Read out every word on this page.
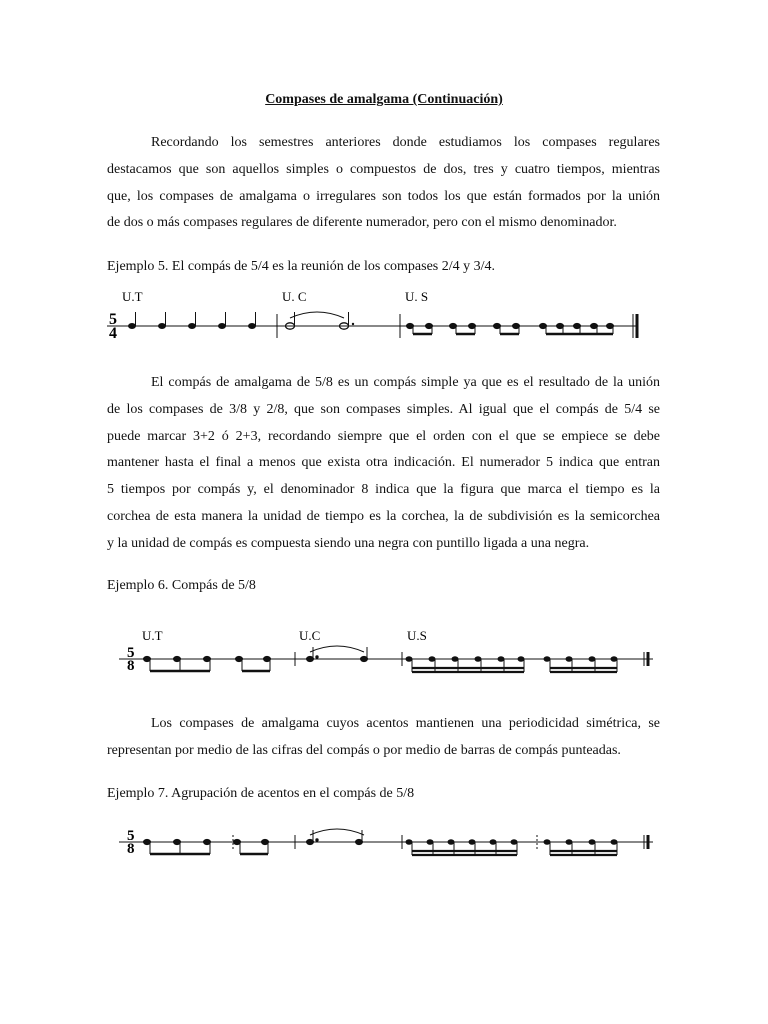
Compases de amalgama (Continuación)
Recordando los semestres anteriores donde estudiamos los compases regulares
destacamos que son aquellos simples o compuestos de dos, tres y cuatro tiempos, mientras
que, los compases de amalgama o irregulares son todos los que están formados por la unión
de dos o más compases regulares de diferente numerador, pero con el mismo denominador.
Ejemplo 5. El compás de 5/4 es la reunión de los compases 2/4 y 3/4.
U.T	U. C	U. S
5
4
El compás de amalgama de 5/8 es un compás simple ya que es el resultado de la unión
de los compases de 3/8 y 2/8, que son compases simples. Al igual que el compás de 5/4 se
puede marcar 3+2 ó 2+3, recordando siempre que el orden con el que se empiece se debe
mantener hasta el final a menos que exista otra indicación. El numerador 5 indica que entran
5 tiempos por compás y, el denominador 8 indica que la figura que marca el tiempo es la
corchea de esta manera la unidad de tiempo es la corchea, la de subdivisión es la semicorchea
y la unidad de compás es compuesta siendo una negra con puntillo ligada a una negra.
Ejemplo 6. Compás de 5/8
U.T	U.C	U.S
5
8
Los compases de amalgama cuyos acentos mantienen una periodicidad simétrica, se
representan por medio de las cifras del compás o por medio de barras de compás punteadas.
Ejemplo 7. Agrupación de acentos en el compás de 5/8
5
8
